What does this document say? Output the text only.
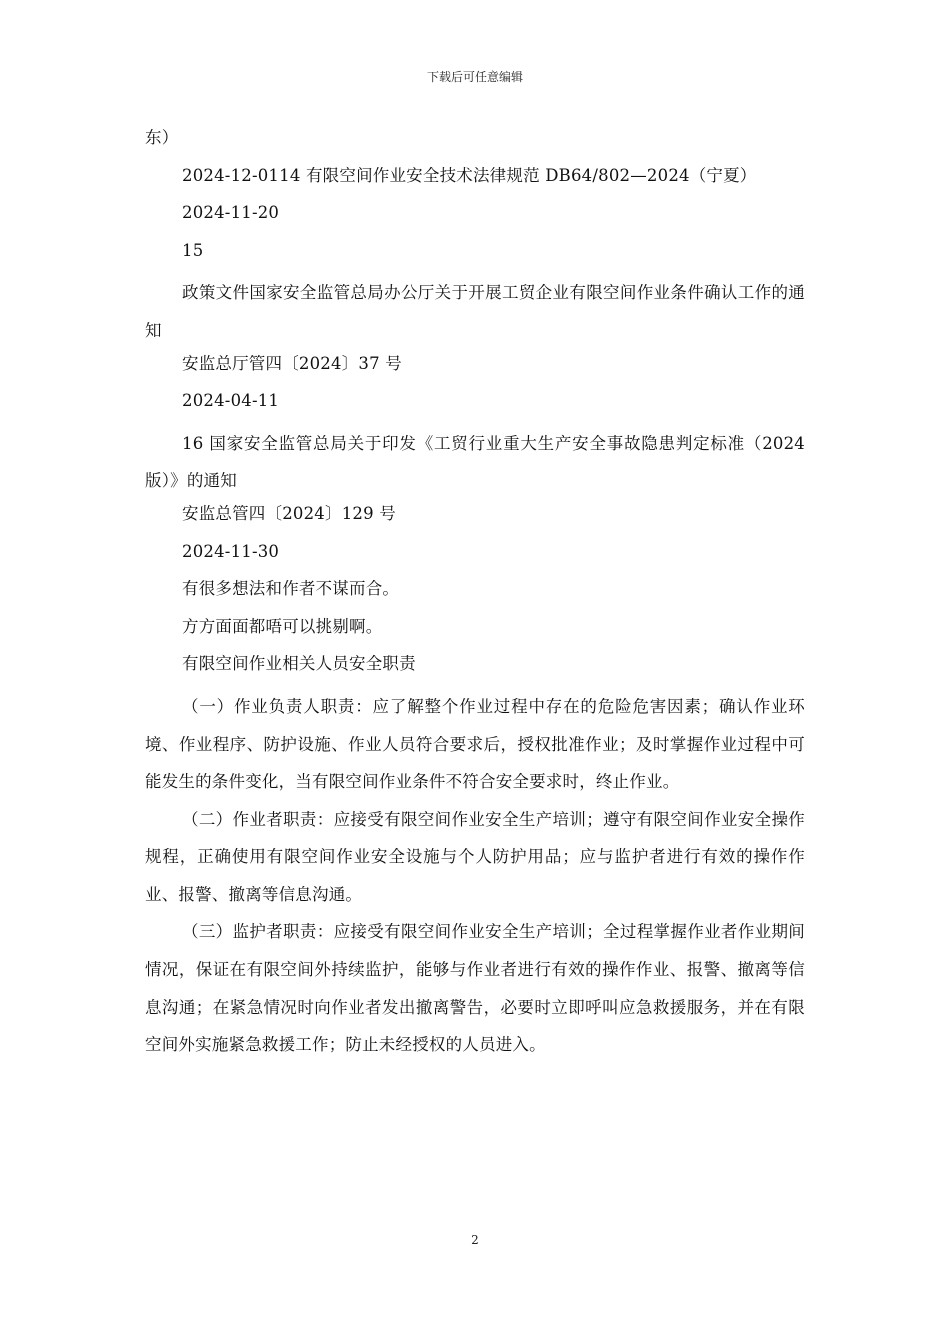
下载后可任意编辑
东）
2024-12-0114 有限空间作业安全技术法律规范 DB64/802—2024（宁夏）
2024-11-20
15

政策文件国家安全监管总局办公厅关于开展工贸企业有限空间作业条件确认工作的通知

安监总厅管四〔2024〕37 号
2024-04-11

16 国家安全监管总局关于印发《工贸行业重大生产安全事故隐患判定标准（2024 版）》的通知

安监总管四〔2024〕129 号
2024-11-30
有很多想法和作者不谋而合。
方方面面都唔可以挑剔啊。
有限空间作业相关人员安全职责

（一）作业负责人职责：应了解整个作业过程中存在的危险危害因素；确认作业环境、作业程序、防护设施、作业人员符合要求后，授权批准作业；及时掌握作业过程中可能发生的条件变化，当有限空间作业条件不符合安全要求时，终止作业。

（二）作业者职责：应接受有限空间作业安全生产培训；遵守有限空间作业安全操作规程，正确使用有限空间作业安全设施与个人防护用品；应与监护者进行有效的操作作业、报警、撤离等信息沟通。

（三）监护者职责：应接受有限空间作业安全生产培训；全过程掌握作业者作业期间情况，保证在有限空间外持续监护，能够与作业者进行有效的操作作业、报警、撤离等信息沟通；在紧急情况时向作业者发出撤离警告，必要时立即呼叫应急救援服务，并在有限空间外实施紧急救援工作；防止未经授权的人员进入。

2
